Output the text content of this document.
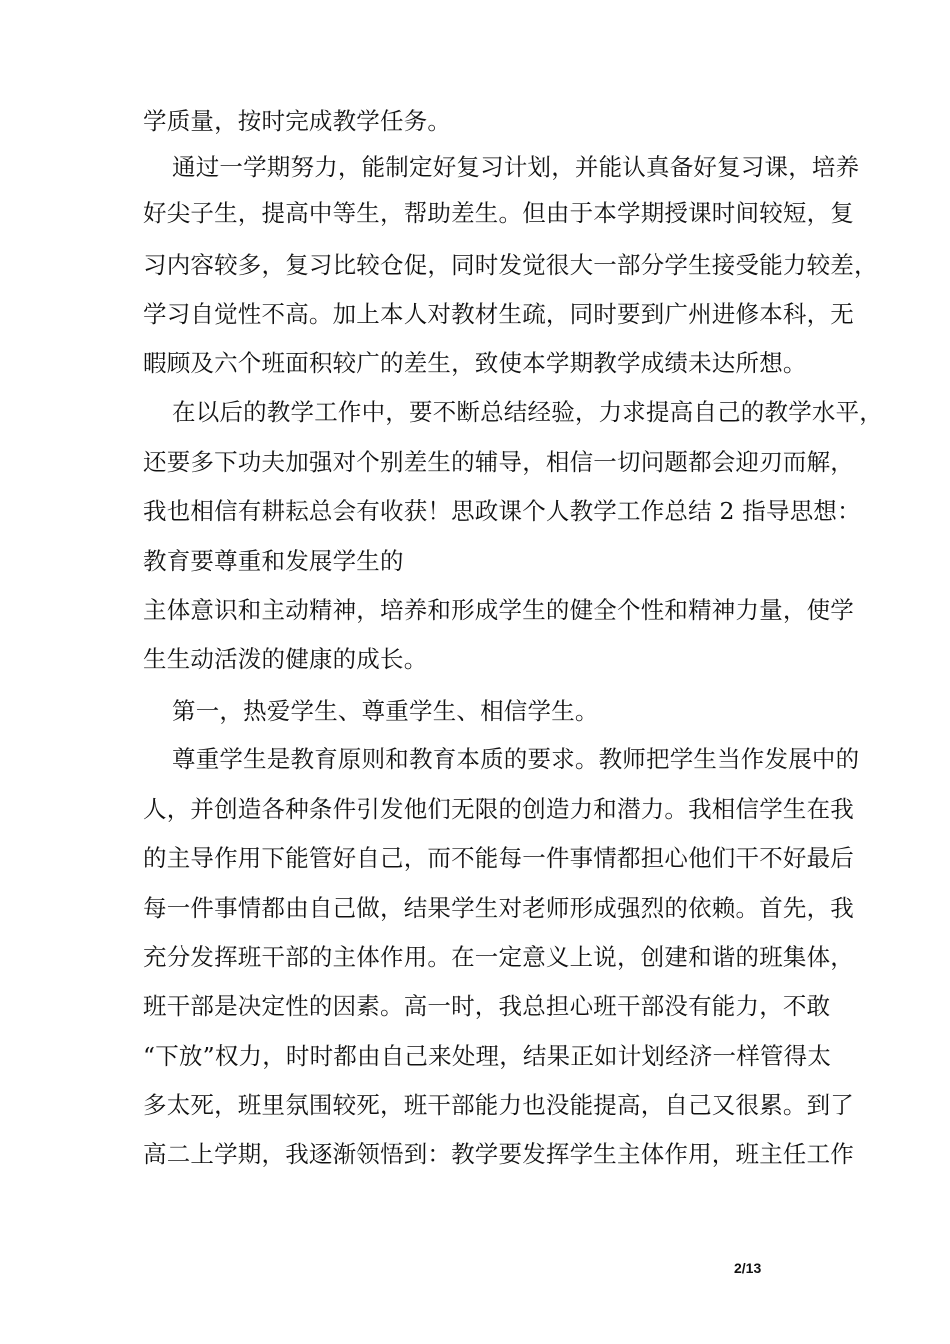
学质量，按时完成教学任务。
通过一学期努力，能制定好复习计划，并能认真备好复习课，培养
好尖子生，提高中等生，帮助差生。但由于本学期授课时间较短，复
习内容较多，复习比较仓促，同时发觉很大一部分学生接受能力较差，
学习自觉性不高。加上本人对教材生疏，同时要到广州进修本科，无
暇顾及六个班面积较广的差生，致使本学期教学成绩未达所想。
在以后的教学工作中，要不断总结经验，力求提高自己的教学水平，
还要多下功夫加强对个别差生的辅导，相信一切问题都会迎刃而解，
我也相信有耕耘总会有收获！思政课个人教学工作总结 2 指导思想：
教育要尊重和发展学生的
主体意识和主动精神，培养和形成学生的健全个性和精神力量，使学
生生动活泼的健康的成长。
第一，热爱学生、尊重学生、相信学生。
尊重学生是教育原则和教育本质的要求。教师把学生当作发展中的
人，并创造各种条件引发他们无限的创造力和潜力。我相信学生在我
的主导作用下能管好自己，而不能每一件事情都担心他们干不好最后
每一件事情都由自己做，结果学生对老师形成强烈的依赖。首先，我
充分发挥班干部的主体作用。在一定意义上说，创建和谐的班集体，
班干部是决定性的因素。高一时，我总担心班干部没有能力，不敢
“下放”权力，时时都由自己来处理，结果正如计划经济一样管得太
多太死，班里氛围较死，班干部能力也没能提高，自己又很累。到了
高二上学期，我逐渐领悟到：教学要发挥学生主体作用，班主任工作
2/13
